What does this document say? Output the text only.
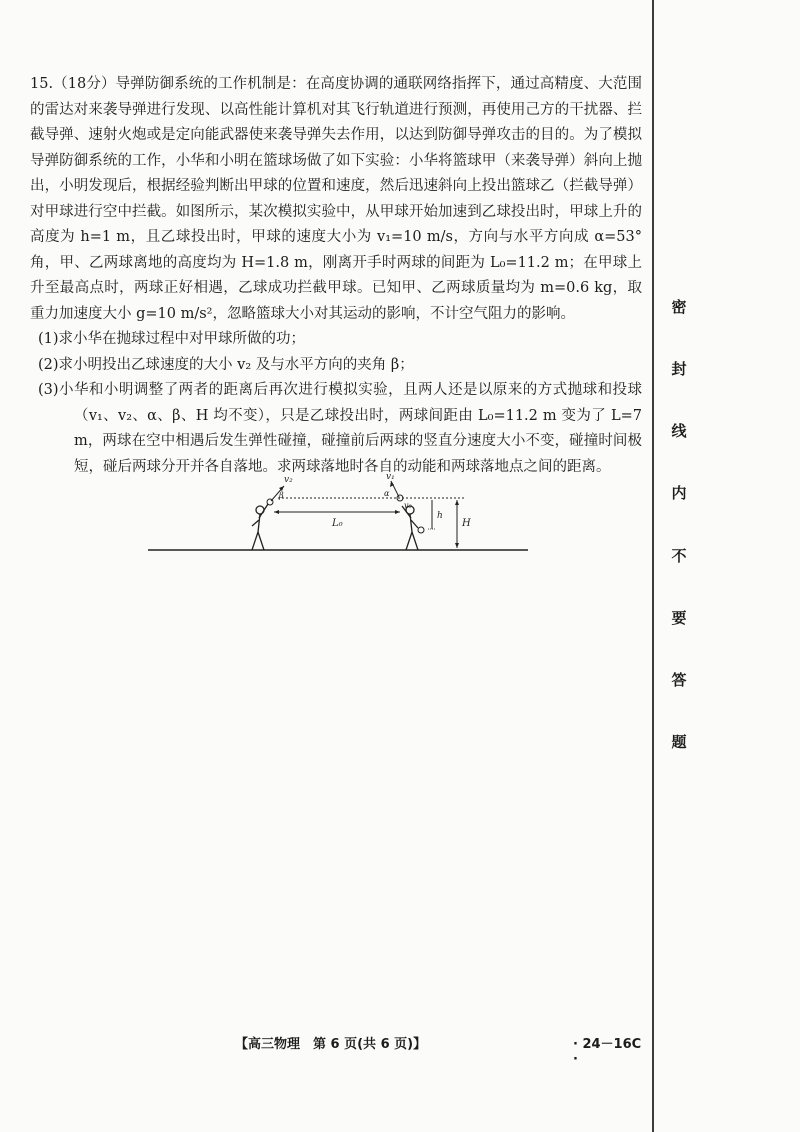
15.（18分）导弹防御系统的工作机制是：在高度协调的通联网络指挥下，通过高精度、大范围的雷达对来袭导弹进行发现、以高性能计算机对其飞行轨道进行预测，再使用己方的干扰器、拦截导弹、速射火炮或是定向能武器使来袭导弹失去作用，以达到防御导弹攻击的目的。为了模拟导弹防御系统的工作，小华和小明在篮球场做了如下实验：小华将篮球甲（来袭导弹）斜向上抛出，小明发现后，根据经验判断出甲球的位置和速度，然后迅速斜向上投出篮球乙（拦截导弹）对甲球进行空中拦截。如图所示，某次模拟实验中，从甲球开始加速到乙球投出时，甲球上升的高度为 h=1 m，且乙球投出时，甲球的速度大小为 v₁=10 m/s，方向与水平方向成 α=53°角，甲、乙两球离地的高度均为 H=1.8 m，刚离开手时两球的间距为 L₀=11.2 m；在甲球上升至最高点时，两球正好相遇，乙球成功拦截甲球。已知甲、乙两球质量均为 m=0.6 kg，取重力加速度大小 g=10 m/s²，忽略篮球大小对其运动的影响，不计空气阻力的影响。

(1)求小华在抛球过程中对甲球所做的功；

(2)求小明投出乙球速度的大小 v₂ 及与水平方向的夹角 β；

(3)小华和小明调整了两者的距离后再次进行模拟实验，且两人还是以原来的方式抛球和投球（v₁、v₂、α、β、H 均不变），只是乙球投出时，两球间距由 L₀=11.2 m 变为了 L=7 m，两球在空中相遇后发生弹性碰撞，碰撞前后两球的竖直分速度大小不变，碰撞时间极短，碰后两球分开并各自落地。求两球落地时各自的动能和两球落地点之间的距离。

v₂
β
L₀
v₁
α
v₀
h
H
密
封
线
内
不
要
答
题
【高三物理　第 6 页(共 6 页)】	· 24－16C ·
